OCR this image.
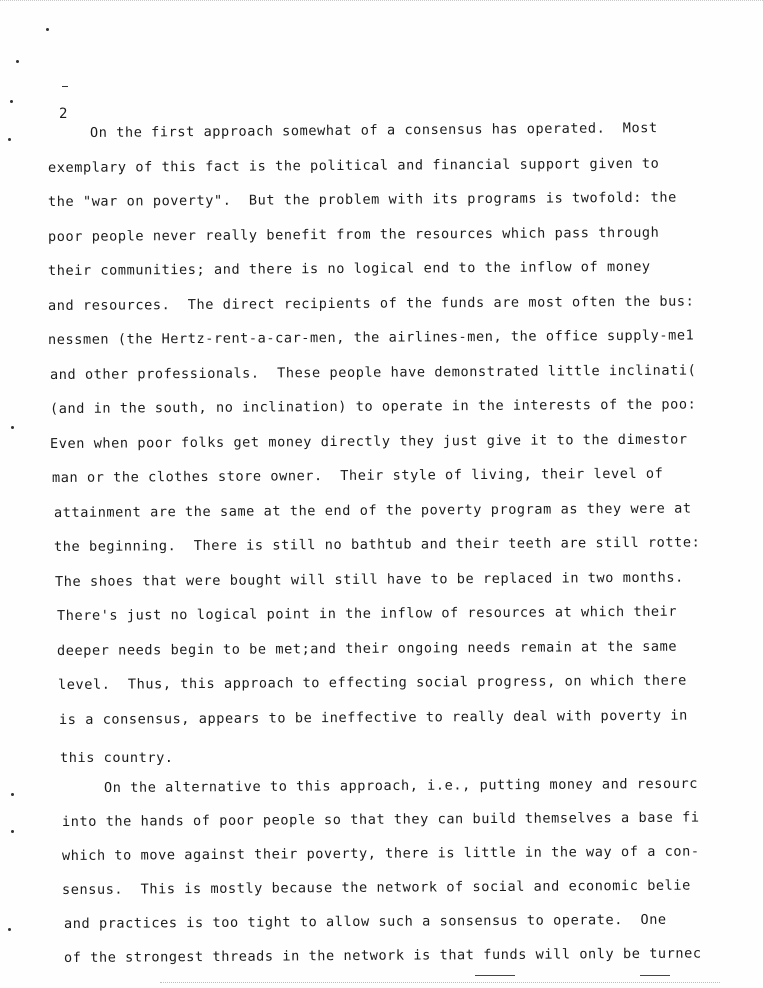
2
On the first approach somewhat of a consensus has operated.  Most
exemplary of this fact is the political and financial support given to
the "war on poverty".  But the problem with its programs is twofold: the
poor people never really benefit from the resources which pass through
their communities; and there is no logical end to the inflow of money
and resources.  The direct recipients of the funds are most often the bus:
nessmen (the Hertz-rent-a-car-men, the airlines-men, the office supply-me1
and other professionals.  These people have demonstrated little inclinati(
(and in the south, no inclination) to operate in the interests of the poo:
Even when poor folks get money directly they just give it to the dimestor
man or the clothes store owner.  Their style of living, their level of
attainment are the same at the end of the poverty program as they were at
the beginning.  There is still no bathtub and their teeth are still rotte:
The shoes that were bought will still have to be replaced in two months.
There's just no logical point in the inflow of resources at which their
deeper needs begin to be met;and their ongoing needs remain at the same
level.  Thus, this approach to effecting social progress, on which there
is a consensus, appears to be ineffective to really deal with poverty in
this country.
On the alternative to this approach, i.e., putting money and resourc
into the hands of poor people so that they can build themselves a base fi
which to move against their poverty, there is little in the way of a con-
sensus.  This is mostly because the network of social and economic belie
and practices is too tight to allow such a sonsensus to operate.  One
of the strongest threads in the network is that funds will only be turnec
